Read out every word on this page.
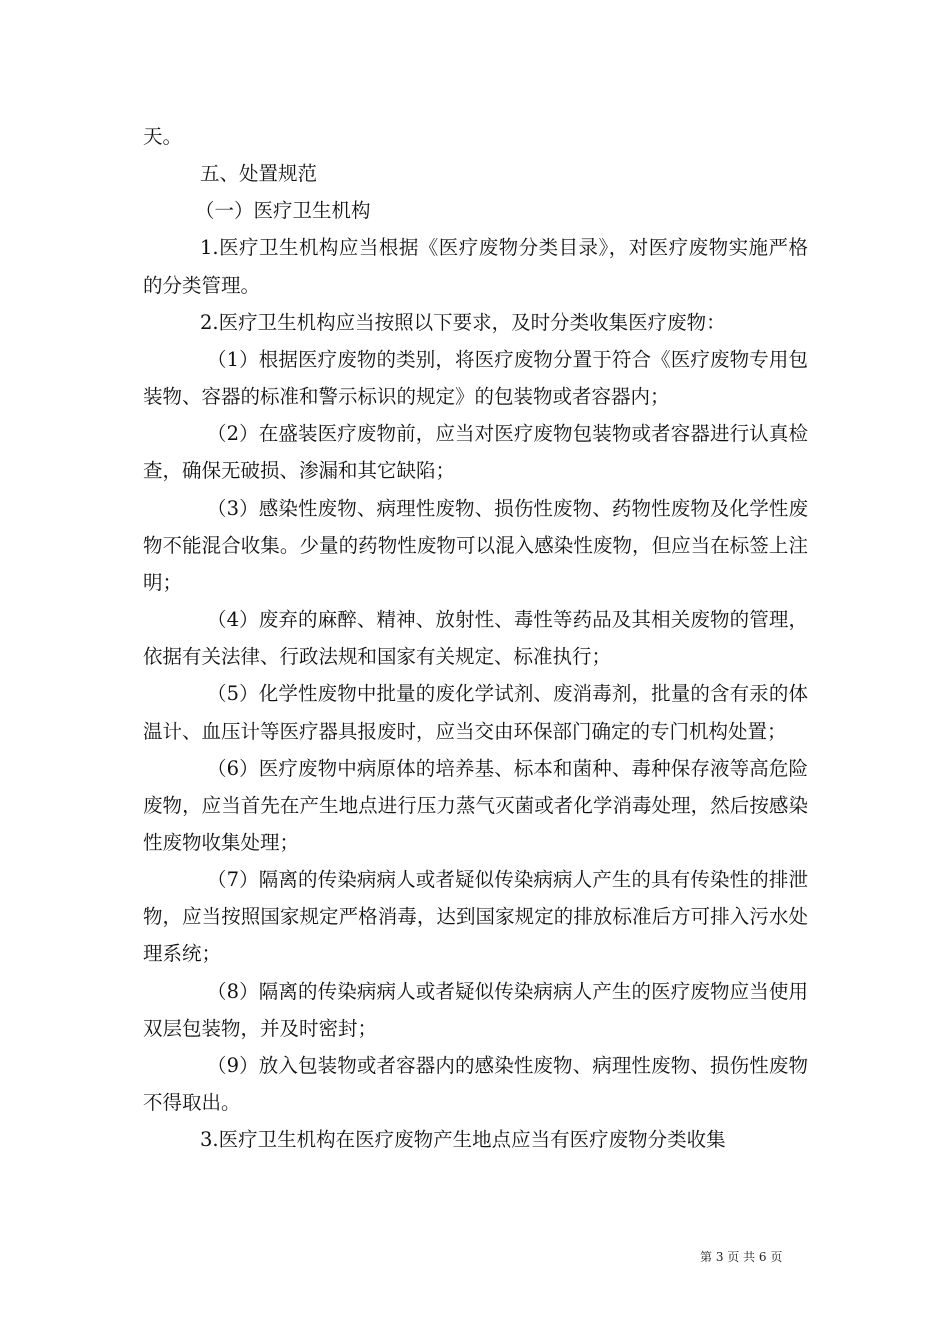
天。

五、处置规范

（一）医疗卫生机构

1.医疗卫生机构应当根据《医疗废物分类目录》，对医疗废物实施严格的分类管理。

2.医疗卫生机构应当按照以下要求，及时分类收集医疗废物：

（1）根据医疗废物的类别，将医疗废物分置于符合《医疗废物专用包装物、容器的标准和警示标识的规定》的包装物或者容器内；

（2）在盛装医疗废物前，应当对医疗废物包装物或者容器进行认真检查，确保无破损、渗漏和其它缺陷；

（3）感染性废物、病理性废物、损伤性废物、药物性废物及化学性废物不能混合收集。少量的药物性废物可以混入感染性废物，但应当在标签上注明；

（4）废弃的麻醉、精神、放射性、毒性等药品及其相关废物的管理，依据有关法律、行政法规和国家有关规定、标准执行；

（5）化学性废物中批量的废化学试剂、废消毒剂，批量的含有汞的体温计、血压计等医疗器具报废时，应当交由环保部门确定的专门机构处置；

（6）医疗废物中病原体的培养基、标本和菌种、毒种保存液等高危险废物，应当首先在产生地点进行压力蒸气灭菌或者化学消毒处理，然后按感染性废物收集处理；

（7）隔离的传染病病人或者疑似传染病病人产生的具有传染性的排泄物，应当按照国家规定严格消毒，达到国家规定的排放标准后方可排入污水处理系统；

（8）隔离的传染病病人或者疑似传染病病人产生的医疗废物应当使用双层包装物，并及时密封；

（9）放入包装物或者容器内的感染性废物、病理性废物、损伤性废物不得取出。

3.医疗卫生机构在医疗废物产生地点应当有医疗废物分类收集

第 3 页 共 6 页
